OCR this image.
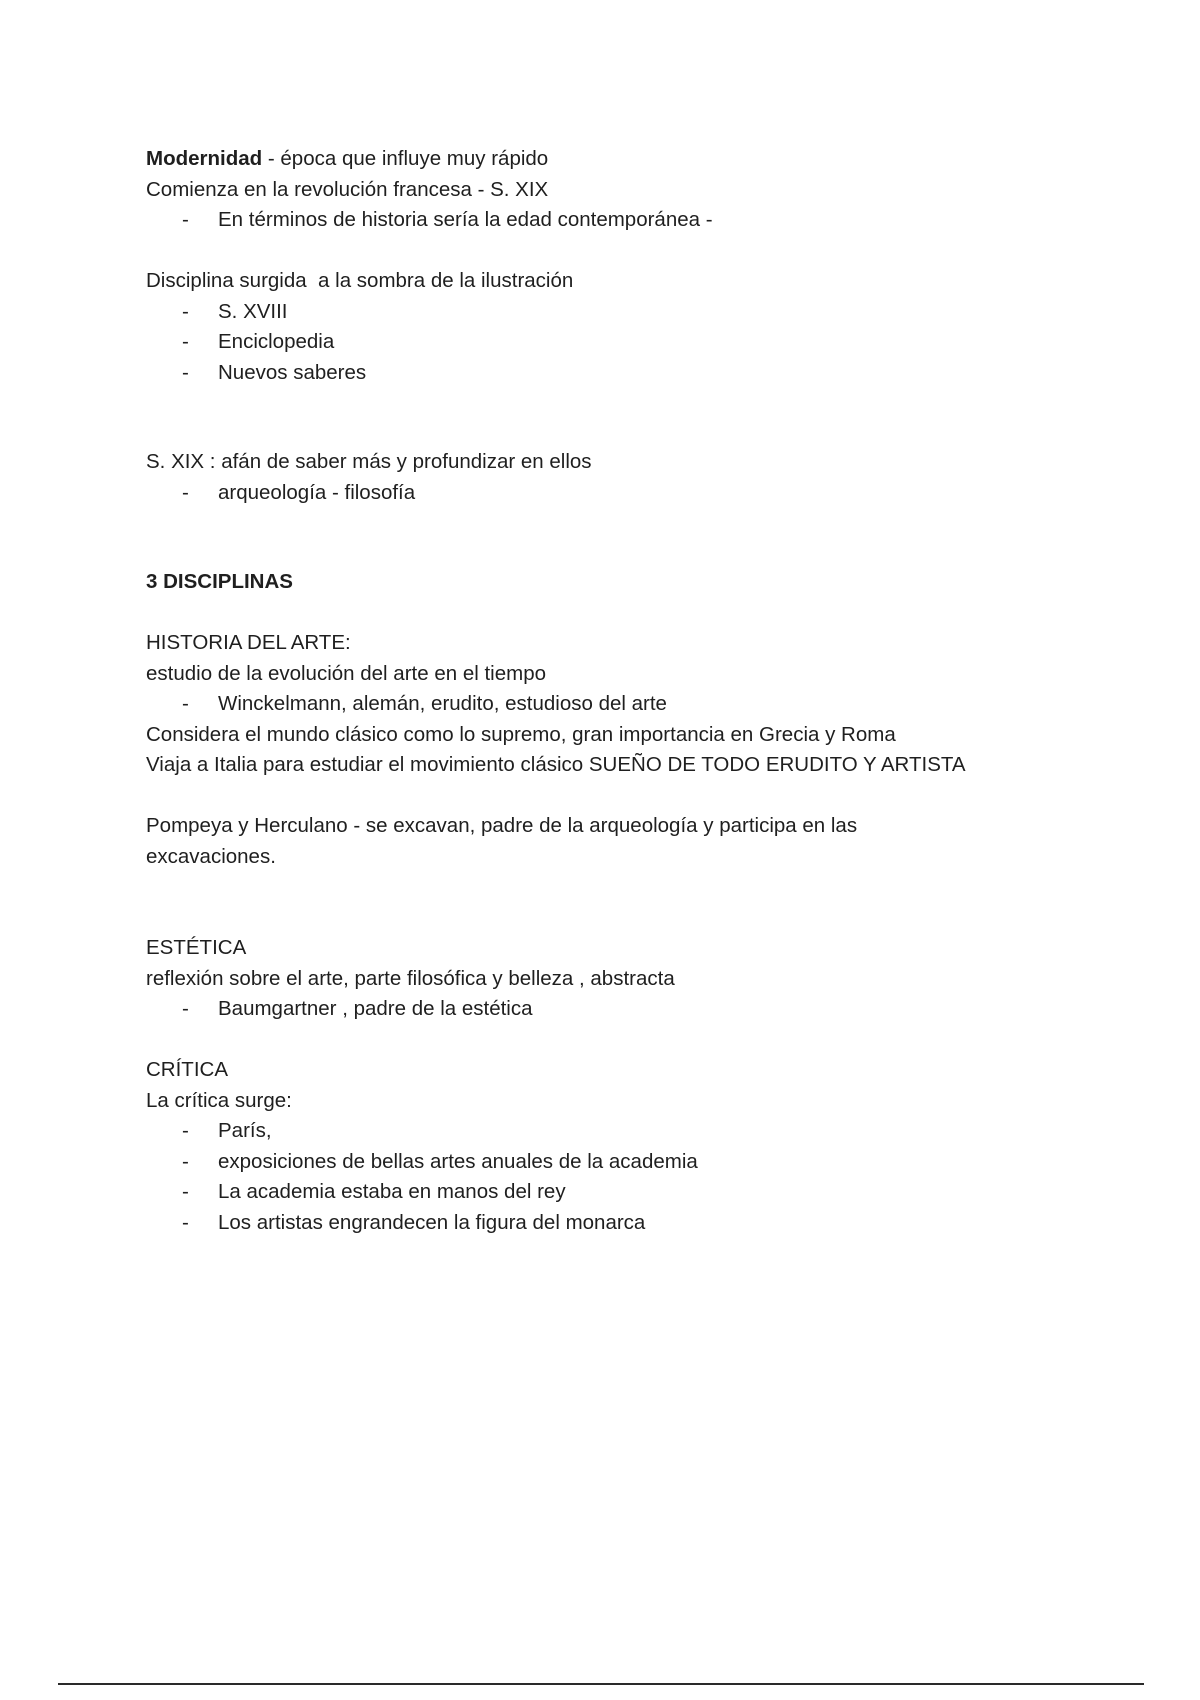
Modernidad - época que influye muy rápido
Comienza en la revolución francesa - S. XIX
- En términos de historia sería la edad contemporánea -
Disciplina surgida  a la sombra de la ilustración
- S. XVIII
- Enciclopedia
- Nuevos saberes
S. XIX : afán de saber más y profundizar en ellos
- arqueología - filosofía
3 DISCIPLINAS
HISTORIA DEL ARTE:
estudio de la evolución del arte en el tiempo
- Winckelmann, alemán, erudito, estudioso del arte
Considera el mundo clásico como lo supremo, gran importancia en Grecia y Roma
Viaja a Italia para estudiar el movimiento clásico SUEÑO DE TODO ERUDITO Y ARTISTA
Pompeya y Herculano - se excavan, padre de la arqueología y participa en las
excavaciones.
ESTÉTICA
reflexión sobre el arte, parte filosófica y belleza , abstracta
- Baumgartner , padre de la estética
CRÍTICA
La crítica surge:
- París,
- exposiciones de bellas artes anuales de la academia
- La academia estaba en manos del rey
- Los artistas engrandecen la figura del monarca
